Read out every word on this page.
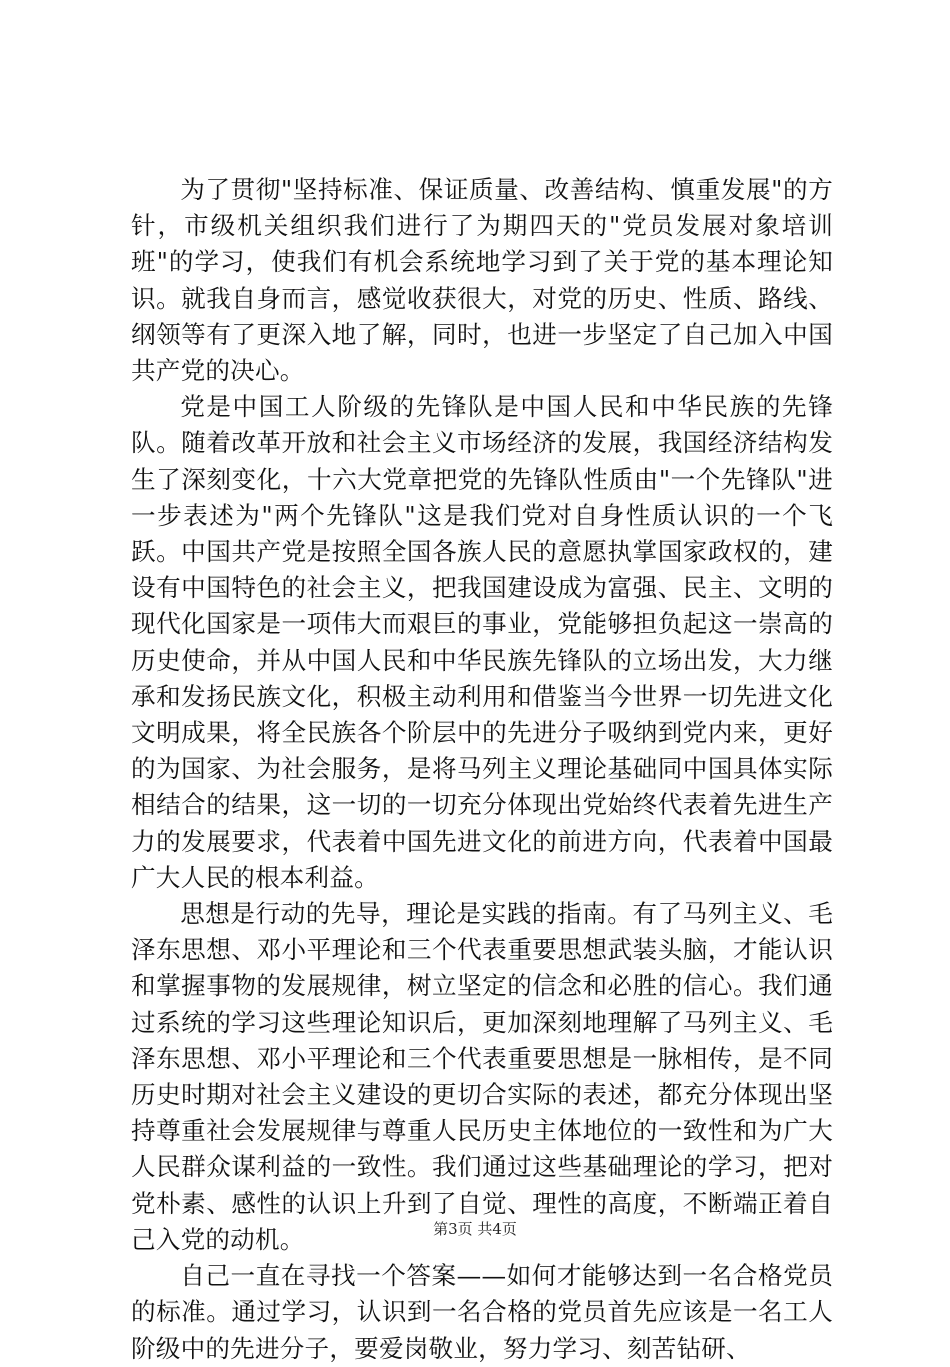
为了贯彻"坚持标准、保证质量、改善结构、慎重发展"的方针，市级机关组织我们进行了为期四天的"党员发展对象培训班"的学习，使我们有机会系统地学习到了关于党的基本理论知识。就我自身而言，感觉收获很大，对党的历史、性质、路线、纲领等有了更深入地了解，同时，也进一步坚定了自己加入中国共产党的决心。

党是中国工人阶级的先锋队是中国人民和中华民族的先锋队。随着改革开放和社会主义市场经济的发展，我国经济结构发生了深刻变化，十六大党章把党的先锋队性质由"一个先锋队"进一步表述为"两个先锋队"这是我们党对自身性质认识的一个飞跃。中国共产党是按照全国各族人民的意愿执掌国家政权的，建设有中国特色的社会主义，把我国建设成为富强、民主、文明的现代化国家是一项伟大而艰巨的事业，党能够担负起这一崇高的历史使命，并从中国人民和中华民族先锋队的立场出发，大力继承和发扬民族文化，积极主动利用和借鉴当今世界一切先进文化文明成果，将全民族各个阶层中的先进分子吸纳到党内来，更好的为国家、为社会服务，是将马列主义理论基础同中国具体实际相结合的结果，这一切的一切充分体现出党始终代表着先进生产力的发展要求，代表着中国先进文化的前进方向，代表着中国最广大人民的根本利益。

思想是行动的先导，理论是实践的指南。有了马列主义、毛泽东思想、邓小平理论和三个代表重要思想武装头脑，才能认识和掌握事物的发展规律，树立坚定的信念和必胜的信心。我们通过系统的学习这些理论知识后，更加深刻地理解了马列主义、毛泽东思想、邓小平理论和三个代表重要思想是一脉相传，是不同历史时期对社会主义建设的更切合实际的表述，都充分体现出坚持尊重社会发展规律与尊重人民历史主体地位的一致性和为广大人民群众谋利益的一致性。我们通过这些基础理论的学习，把对党朴素、感性的认识上升到了自觉、理性的高度，不断端正着自己入党的动机。

自己一直在寻找一个答案——如何才能够达到一名合格党员的标准。通过学习，认识到一名合格的党员首先应该是一名工人阶级中的先进分子，要爱岗敬业，努力学习、刻苦钻研、

第3页 共4页
